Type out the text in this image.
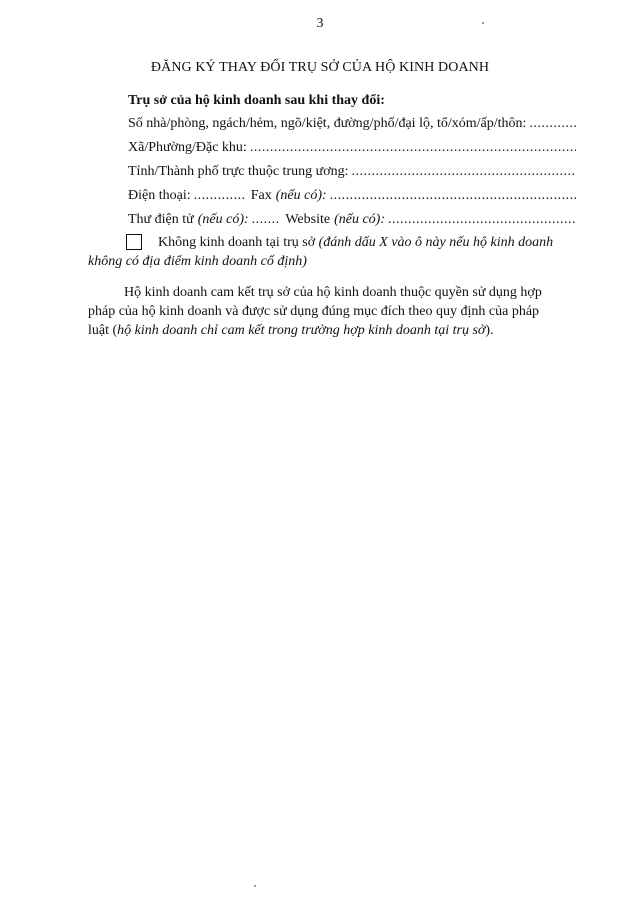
3
ĐĂNG KÝ THAY ĐỔI TRỤ SỞ CỦA HỘ KINH DOANH
Trụ sở của hộ kinh doanh sau khi thay đổi:
Số nhà/phòng, ngách/hẻm, ngõ/kiệt, đường/phố/đại lộ, tổ/xóm/ấp/thôn:
.....
Xã/Phường/Đặc khu:
.....
Tỉnh/Thành phố trực thuộc trung ương:
.....
Điện thoại: .....	Fax (nếu có):
.....
Thư điện tử (nếu có): .....	Website (nếu có):
.....
Không kinh doanh tại trụ sở (đánh dấu X vào ô này nếu hộ kinh doanh
không có địa điểm kinh doanh cố định)
Hộ kinh doanh cam kết trụ sở của hộ kinh doanh thuộc quyền sử dụng hợp
pháp của hộ kinh doanh và được sử dụng đúng mục đích theo quy định của pháp
luật (hộ kinh doanh chỉ cam kết trong trường hợp kinh doanh tại trụ sở).
